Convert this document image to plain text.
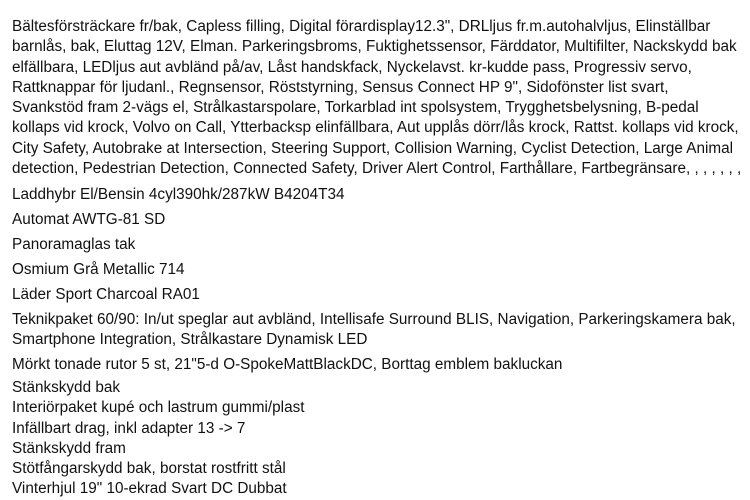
Bältesförsträckare fr/bak, Capless filling, Digital förardisplay12.3", DRLljus fr.m.autohalvljus, Elinställbar barnlås, bak, Eluttag 12V, Elman. Parkeringsbroms, Fuktighetssensor, Färddator, Multifilter, Nackskydd bak elfällbara, LEDljus aut avbländ på/av, Låst handskfack, Nyckelavst. kr-kudde pass, Progressiv servo, Rattknappar för ljudanl., Regnsensor, Röststyrning, Sensus Connect HP 9", Sidofönster list svart, Svankstöd fram 2-vägs el, Strålkastarspolare, Torkarblad int spolsystem, Trygghetsbelysning, B-pedal kollaps vid krock, Volvo on Call, Ytterbacksp elinfällbara, Aut upplås dörr/lås krock, Rattst. kollaps vid krock, City Safety, Autobrake at Intersection, Steering Support, Collision Warning, Cyclist Detection, Large Animal detection, Pedestrian Detection, Connected Safety, Driver Alert Control, Farthållare, Fartbegränsare, , , , , , ,
Laddhybr El/Bensin 4cyl390hk/287kW B4204T34
Automat AWTG-81 SD
Panoramaglas tak
Osmium Grå Metallic 714
Läder Sport Charcoal RA01
Teknikpaket 60/90: In/ut speglar aut avbländ, Intellisafe Surround BLIS, Navigation, Parkeringskamera bak, Smartphone Integration, Strålkastare Dynamisk LED
Mörkt tonade rutor 5 st, 21"5-d O-SpokeMattBlackDC, Borttag emblem bakluckan
Stänkskydd bak
Interiörpaket kupé och lastrum gummi/plast
Infällbart drag, inkl adapter 13 -> 7
Stänkskydd fram
Stötfångarskydd bak, borstat rostfritt stål
Vinterhjul 19" 10-ekrad Svart DC Dubbat
